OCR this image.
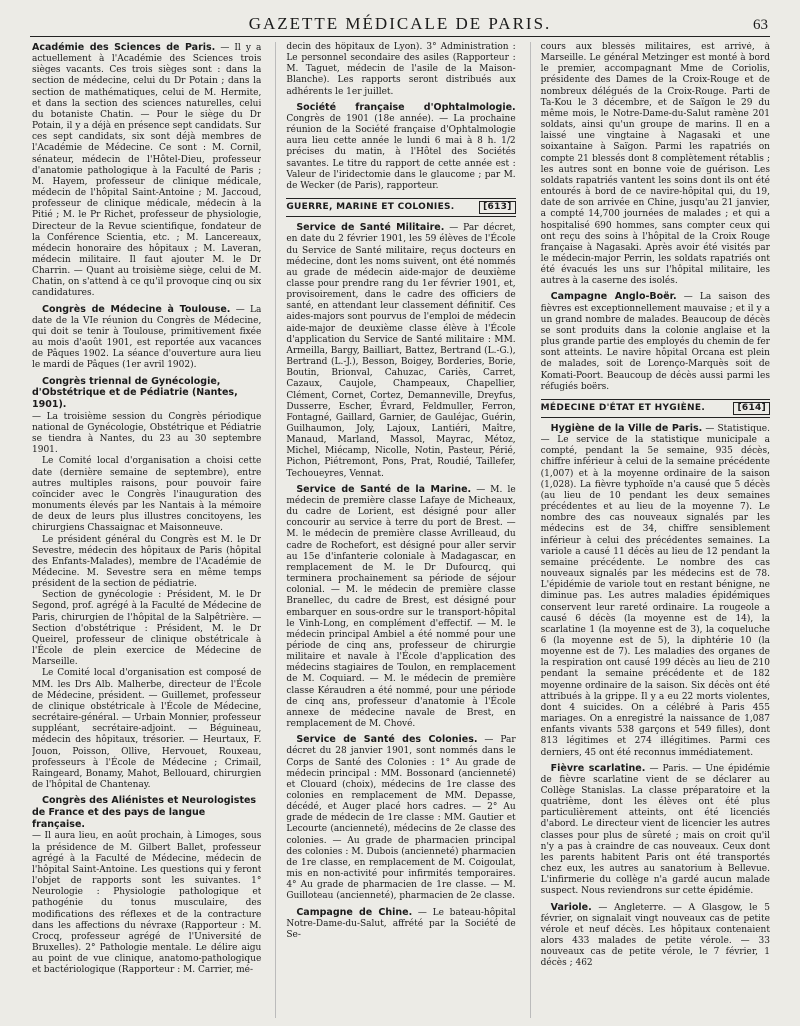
GAZETTE MÉDICALE DE PARIS.	63

Académie des Sciences de Paris. — Il y a actuellement à l'Académie des Sciences trois sièges vacants. Ces trois sièges sont : dans la section de médecine, celui du Dr Potain ; dans la section de mathématiques, celui de M. Hermite, et dans la section des sciences naturelles, celui du botaniste Chatin. — Pour le siège du Dr Potain, il y a déjà en présence sept candidats. Sur ces sept candidats, six sont déjà membres de l'Académie de Médecine. Ce sont : M. Cornil, sénateur, médecin de l'Hôtel-Dieu, professeur d'anatomie pathologique à la Faculté de Paris ; M. Hayem, professeur de clinique médicale, médecin de l'hôpital Saint-Antoine ; M. Jaccoud, professeur de clinique médicale, médecin à la Pitié ; M. le Pr Richet, professeur de physiologie, Directeur de la Revue scientifique, fondateur de la Conférence Scientia, etc. ; M. Lancereaux, médecin honoraire des hôpitaux ; M. Laveran, médecin militaire. Il faut ajouter M. le Dr Charrin. — Quant au troisième siège, celui de M. Chatin, on s'attend à ce qu'il provoque cinq ou six candidatures.

Congrès de Médecine à Toulouse. — La date de la VIe réunion du Congrès de Médecine, qui doit se tenir à Toulouse, primitivement fixée au mois d'août 1901, est reportée aux vacances de Pâques 1902. La séance d'ouverture aura lieu le mardi de Pâques (1er avril 1902).

Congrès triennal de Gynécologie, d'Obstétrique et de Pédiatrie (Nantes, 1901).

— La troisième session du Congrès périodique national de Gynécologie, Obstétrique et Pédiatrie se tiendra à Nantes, du 23 au 30 septembre 1901.

Le Comité local d'organisation a choisi cette date (dernière semaine de septembre), entre autres multiples raisons, pour pouvoir faire coïncider avec le Congrès l'inauguration des monuments élevés par les Nantais à la mémoire de deux de leurs plus illustres concitoyens, les chirurgiens Chassaignac et Maisonneuve.

Le président général du Congrès est M. le Dr Sevestre, médecin des hôpitaux de Paris (hôpital des Enfants-Malades), membre de l'Académie de Médecine. M. Sevestre sera en même temps président de la section de pédiatrie.

Section de gynécologie : Président, M. le Dr Segond, prof. agrégé à la Faculté de Médecine de Paris, chirurgien de l'hôpital de la Salpêtrière. — Section d'obstétrique : Président, M. le Dr Queirel, professeur de clinique obstétricale à l'École de plein exercice de Médecine de Marseille.

Le Comité local d'organisation est composé de MM. les Drs Alb. Malherbe, directeur de l'École de Médecine, président. — Guillemet, professeur de clinique obstétricale à l'École de Médecine, secrétaire-général. — Urbain Monnier, professeur suppléant, secrétaire-adjoint. — Béguineau, médecin des hôpitaux, trésorier. — Heurtaux, F. Jouon, Poisson, Ollive, Hervouet, Rouxeau, professeurs à l'École de Médecine ; Crimail, Raingeard, Bonamy, Mahot, Bellouard, chirurgien de l'hôpital de Chantenay.

Congrès des Aliénistes et Neurologistes de France et des pays de langue française.

— Il aura lieu, en août prochain, à Limoges, sous la présidence de M. Gilbert Ballet, professeur agrégé à la Faculté de Médecine, médecin de l'hôpital Saint-Antoine. Les questions qui y feront l'objet de rapports sont les suivantes. 1° Neurologie : Physiologie pathologique et pathogénie du tonus musculaire, des modifications des réflexes et de la contracture dans les affections du névraxe (Rapporteur : M. Crocq, professeur agrégé de l'Université de Bruxelles). 2° Pathologie mentale. Le délire aigu au point de vue clinique, anatomo-pathologique et bactériologique (Rapporteur : M. Carrier, mé-

decin des hôpitaux de Lyon). 3° Administration : Le personnel secondaire des asiles (Rapporteur : M. Taguet, médecin de l'asile de la Maison-Blanche). Les rapports seront distribués aux adhérents le 1er juillet.

Société française d'Ophtalmologie. Congrès de 1901 (18e année). — La prochaine réunion de la Société française d'Ophtalmologie aura lieu cette année le lundi 6 mai à 8 h. 1/2 précises du matin, à l'Hôtel des Sociétés savantes. Le titre du rapport de cette année est : Valeur de l'iridectomie dans le glaucome ; par M. de Wecker (de Paris), rapporteur.

GUERRE, MARINE ET COLONIES.	[613]

Service de Santé Militaire. — Par décret, en date du 2 février 1901, les 59 élèves de l'École du Service de Santé militaire, reçus docteurs en médecine, dont les noms suivent, ont été nommés au grade de médecin aide-major de deuxième classe pour prendre rang du 1er février 1901, et, provisoirement, dans le cadre des officiers de santé, en attendant leur classement définitif. Ces aides-majors sont pourvus de l'emploi de médecin aide-major de deuxième classe élève à l'École d'application du Service de Santé militaire : MM. Armeilla, Bargy, Bailliart, Battez, Bertrand (L.-G.), Bertrand (L.-J.), Besson, Boigey, Borderies, Borie, Boutin, Brionval, Cahuzac, Cariès, Carret, Cazaux, Caujole, Champeaux, Chapellier, Clément, Cornet, Cortez, Demanneville, Dreyfus, Dusserre, Escher, Évrard, Feldmuller, Ferron, Fontagné, Gaillard, Garnier, de Gauléjac, Guérin, Guilhaumon, Joly, Lajoux, Lantiéri, Maître, Manaud, Marland, Massol, Mayrac, Métoz, Michel, Miécamp, Nicolle, Notin, Pasteur, Périé, Pichon, Piétremont, Pons, Prat, Roudié, Taillefer, Techoueyres, Vennat.

Service de Santé de la Marine. — M. le médecin de première classe Lafaye de Micheaux, du cadre de Lorient, est désigné pour aller concourir au service à terre du port de Brest. — M. le médecin de première classe Avrilleaud, du cadre de Rochefort, est désigné pour aller servir au 15e d'infanterie coloniale à Madagascar, en remplacement de M. le Dr Dufourcq, qui terminera prochainement sa période de séjour colonial. — M. le médecin de première classe Branellec, du cadre de Brest, est désigné pour embarquer en sous-ordre sur le transport-hôpital le Vinh-Long, en complément d'effectif. — M. le médecin principal Ambiel a été nommé pour une période de cinq ans, professeur de chirurgie militaire et navale à l'École d'application des médecins stagiaires de Toulon, en remplacement de M. Coquiard. — M. le médecin de première classe Kéraudren a été nommé, pour une période de cinq ans, professeur d'anatomie à l'École annexe de médecine navale de Brest, en remplacement de M. Chové.

Service de Santé des Colonies. — Par décret du 28 janvier 1901, sont nommés dans le Corps de Santé des Colonies : 1° Au grade de médecin principal : MM. Bossonard (ancienneté) et Clouard (choix), médecins de 1re classe des colonies en remplacement de MM. Depasse, décédé, et Auger placé hors cadres. — 2° Au grade de médecin de 1re classe : MM. Gautier et Lecourte (ancienneté), médecins de 2e classe des colonies. — Au grade de pharmacien principal des colonies : M. Dubois (ancienneté) pharmacien de 1re classe, en remplacement de M. Coigoulat, mis en non-activité pour infirmités temporaires. 4° Au grade de pharmacien de 1re classe. — M. Guilloteau (ancienneté), pharmacien de 2e classe.

Campagne de Chine. — Le bateau-hôpital Notre-Dame-du-Salut, affrété par la Société de Se-

cours aux blessés militaires, est arrivé, à Marseille. Le général Metzinger est monté à bord le premier, accompagnant Mme de Coriolis, présidente des Dames de la Croix-Rouge et de nombreux délégués de la Croix-Rouge. Parti de Ta-Kou le 3 décembre, et de Saïgon le 29 du même mois, le Notre-Dame-du-Salut ramène 201 soldats, ainsi qu'un groupe de marins. Il en a laissé une vingtaine à Nagasaki et une soixantaine à Saïgon. Parmi les rapatriés on compte 21 blessés dont 8 complètement rétablis ; les autres sont en bonne voie de guérison. Les soldats rapatriés vantent les soins dont ils ont été entourés à bord de ce navire-hôpital qui, du 19, date de son arrivée en Chine, jusqu'au 21 janvier, a compté 14,700 journées de malades ; et qui a hospitalisé 690 hommes, sans compter ceux qui ont reçu des soins à l'hôpital de la Croix Rouge française à Nagasaki. Après avoir été visités par le médecin-major Perrin, les soldats rapatriés ont été évacués les uns sur l'hôpital militaire, les autres à la caserne des isolés.

Campagne Anglo-Boër. — La saison des fièvres est exceptionnellement mauvaise ; et il y a un grand nombre de malades. Beaucoup de décès se sont produits dans la colonie anglaise et la plus grande partie des employés du chemin de fer sont atteints. Le navire hôpital Orcana est plein de malades, soit de Lorenço-Marquès soit de Komati-Poort. Beaucoup de décès aussi parmi les réfugiés boërs.

MÉDECINE D'ÉTAT ET HYGIÈNE.	[614]

Hygiène de la Ville de Paris. — Statistique. — Le service de la statistique municipale a compté, pendant la 5e semaine, 935 décès, chiffre inférieur à celui de la semaine précédente (1,007) et à la moyenne ordinaire de la saison (1,028). La fièvre typhoïde n'a causé que 5 décès (au lieu de 10 pendant les deux semaines précédentes et au lieu de la moyenne 7). Le nombre des cas nouveaux signalés par les médecins est de 34, chiffre sensiblement inférieur à celui des précédentes semaines. La variole a causé 11 décès au lieu de 12 pendant la semaine précédente. Le nombre des cas nouveaux signalés par les médecins est de 78. L'épidémie de variole tout en restant bénigne, ne diminue pas. Les autres maladies épidémiques conservent leur rareté ordinaire. La rougeole a causé 6 décès (la moyenne est de 14), la scarlatine 1 (la moyenne est de 3), la coqueluche 6 (la moyenne est de 5), la diphtérie 10 (la moyenne est de 7). Les maladies des organes de la respiration ont causé 199 décès au lieu de 210 pendant la semaine précédente et de 182 moyenne ordinaire de la saison. Six décès ont été attribués à la grippe. Il y a eu 22 morts violentes, dont 4 suicides. On a célébré à Paris 455 mariages. On a enregistré la naissance de 1,087 enfants vivants 538 garçons et 549 filles), dont 813 légitimes et 274 illégitimes. Parmi ces derniers, 45 ont été reconnus immédiatement.

Fièvre scarlatine. — Paris. — Une épidémie de fièvre scarlatine vient de se déclarer au Collège Stanislas. La classe préparatoire et la quatrième, dont les élèves ont été plus particulièrement atteints, ont été licenciés d'abord. Le directeur vient de licencier les autres classes pour plus de sûreté ; mais on croit qu'il n'y a pas à craindre de cas nouveaux. Ceux dont les parents habitent Paris ont été transportés chez eux, les autres au sanatorium à Bellevue. L'infirmerie du collège n'a gardé aucun malade suspect. Nous reviendrons sur cette épidémie.

Variole. — Angleterre. — A Glasgow, le 5 février, on signalait vingt nouveaux cas de petite vérole et neuf décès. Les hôpitaux contenaient alors 433 malades de petite vérole. — 33 nouveaux cas de petite vérole, le 7 février, 1 décès ; 462
